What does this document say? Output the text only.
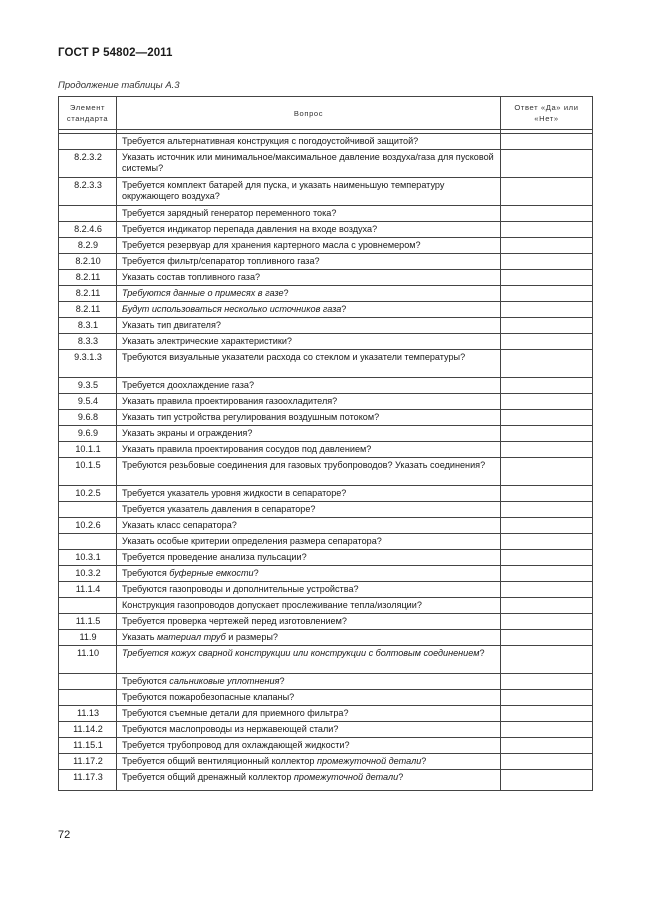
ГОСТ Р 54802—2011
Продолжение таблицы А.3
Элемент стандарта	Вопрос	Ответ «Да» или «Нет»

	Требуется альтернативная конструкция с погодоустойчивой защитой?	
8.2.3.2	Указать источник или минимальное/максимальное давление воздуха/газа для пусковой системы?	
8.2.3.3	Требуется комплект батарей для пуска, и указать наименьшую температуру окружающего воздуха?	
	Требуется зарядный генератор переменного тока?	
8.2.4.6	Требуется индикатор перепада давления на входе воздуха?	
8.2.9	Требуется резервуар для хранения картерного масла с уровнемером?	
8.2.10	Требуется фильтр/сепаратор топливного газа?	
8.2.11	Указать состав топливного газа?	
8.2.11	Требуются данные о примесях в газе?	
8.2.11	Будут использоваться несколько источников газа?	
8.3.1	Указать тип двигателя?	
8.3.3	Указать электрические характеристики?	
9.3.1.3	Требуются визуальные указатели расхода со стеклом и указатели температуры?	
9.3.5	Требуется доохлаждение газа?	
9.5.4	Указать правила проектирования газоохладителя?	
9.6.8	Указать тип устройства регулирования воздушным потоком?	
9.6.9	Указать экраны и ограждения?	
10.1.1	Указать правила проектирования сосудов под давлением?	
10.1.5	Требуются резьбовые соединения для газовых трубопроводов? Указать соединения?	
10.2.5	Требуется указатель уровня жидкости в сепараторе?	
	Требуется указатель давления в сепараторе?	
10.2.6	Указать класс сепаратора?	
	Указать особые критерии определения размера сепаратора?	
10.3.1	Требуется проведение анализа пульсации?	
10.3.2	Требуются буферные емкости?	
11.1.4	Требуются газопроводы и дополнительные устройства?	
	Конструкция газопроводов допускает прослеживание тепла/изоляции?	
11.1.5	Требуется проверка чертежей перед изготовлением?	
11.9	Указать материал труб и размеры?	
11.10	Требуется кожух сварной конструкции или конструкции с болтовым соединением?	
	Требуются сальниковые уплотнения?	
	Требуются пожаробезопасные клапаны?	
11.13	Требуются съемные детали для приемного фильтра?	
11.14.2	Требуются маслопроводы из нержавеющей стали?	
11.15.1	Требуется трубопровод для охлаждающей жидкости?	
11.17.2	Требуется общий вентиляционный коллектор промежуточной детали?	
11.17.3	Требуется общий дренажный коллектор промежуточной детали?	
72
